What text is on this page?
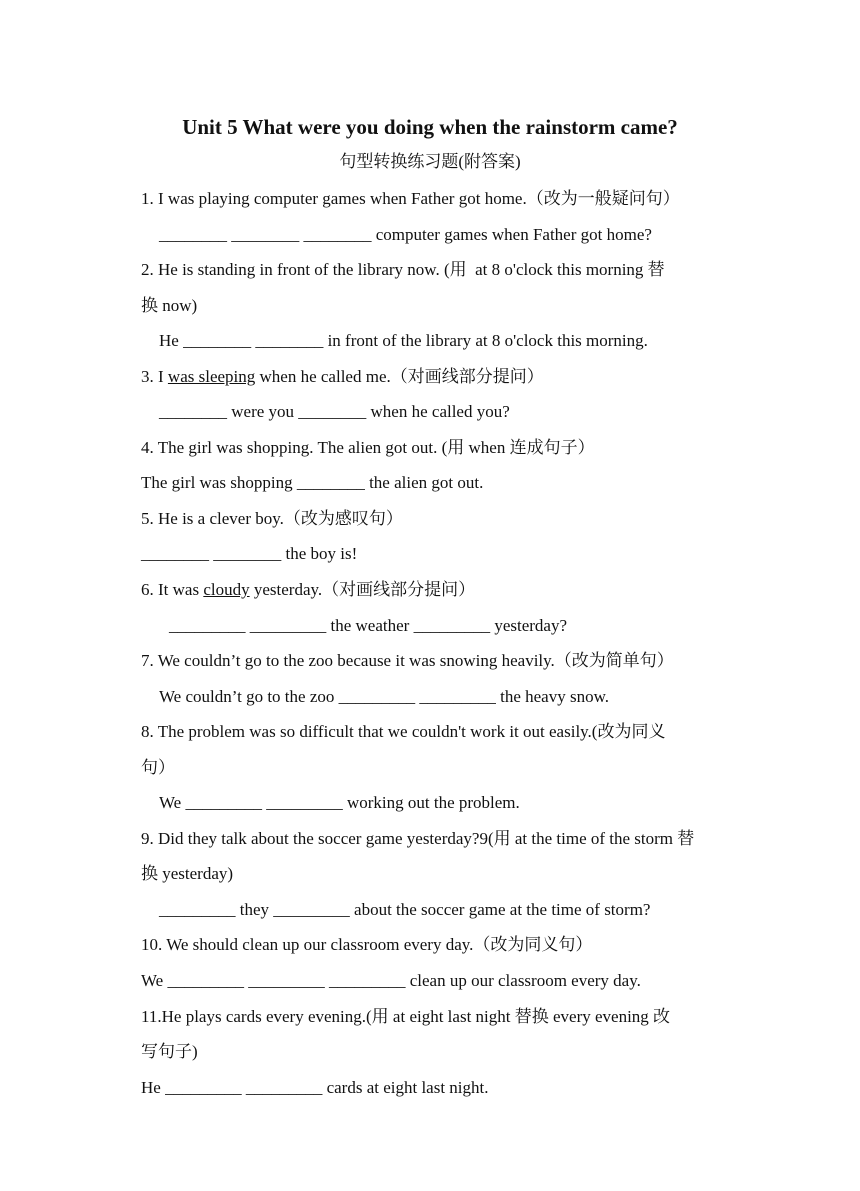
Unit 5 What were you doing when the rainstorm came?

句型转换练习题(附答案)

1. I was playing computer games when Father got home.（改为一般疑问句）
________ ________ ________ computer games when Father got home?
2. He is standing in front of the library now. (用  at 8 o'clock this morning 替
换 now)
He ________ ________ in front of the library at 8 o'clock this morning.
3. I was sleeping when he called me.（对画线部分提问）
________ were you ________ when he called you?
4. The girl was shopping. The alien got out. (用 when 连成句子）
The girl was shopping ________ the alien got out.
5. He is a clever boy.（改为感叹句）
________ ________ the boy is!
6. It was cloudy yesterday.（对画线部分提问）
_________ _________ the weather _________ yesterday?
7. We couldn’t go to the zoo because it was snowing heavily.（改为简单句）
We couldn’t go to the zoo _________ _________ the heavy snow.
8. The problem was so difficult that we couldn't work it out easily.(改为同义
句）
We _________ _________ working out the problem.
9. Did they talk about the soccer game yesterday?9(用 at the time of the storm 替
换 yesterday)
_________ they _________ about the soccer game at the time of storm?
10. We should clean up our classroom every day.（改为同义句）
We _________ _________ _________ clean up our classroom every day.
11.He plays cards every evening.(用 at eight last night 替换 every evening 改
写句子)
He _________ _________ cards at eight last night.
